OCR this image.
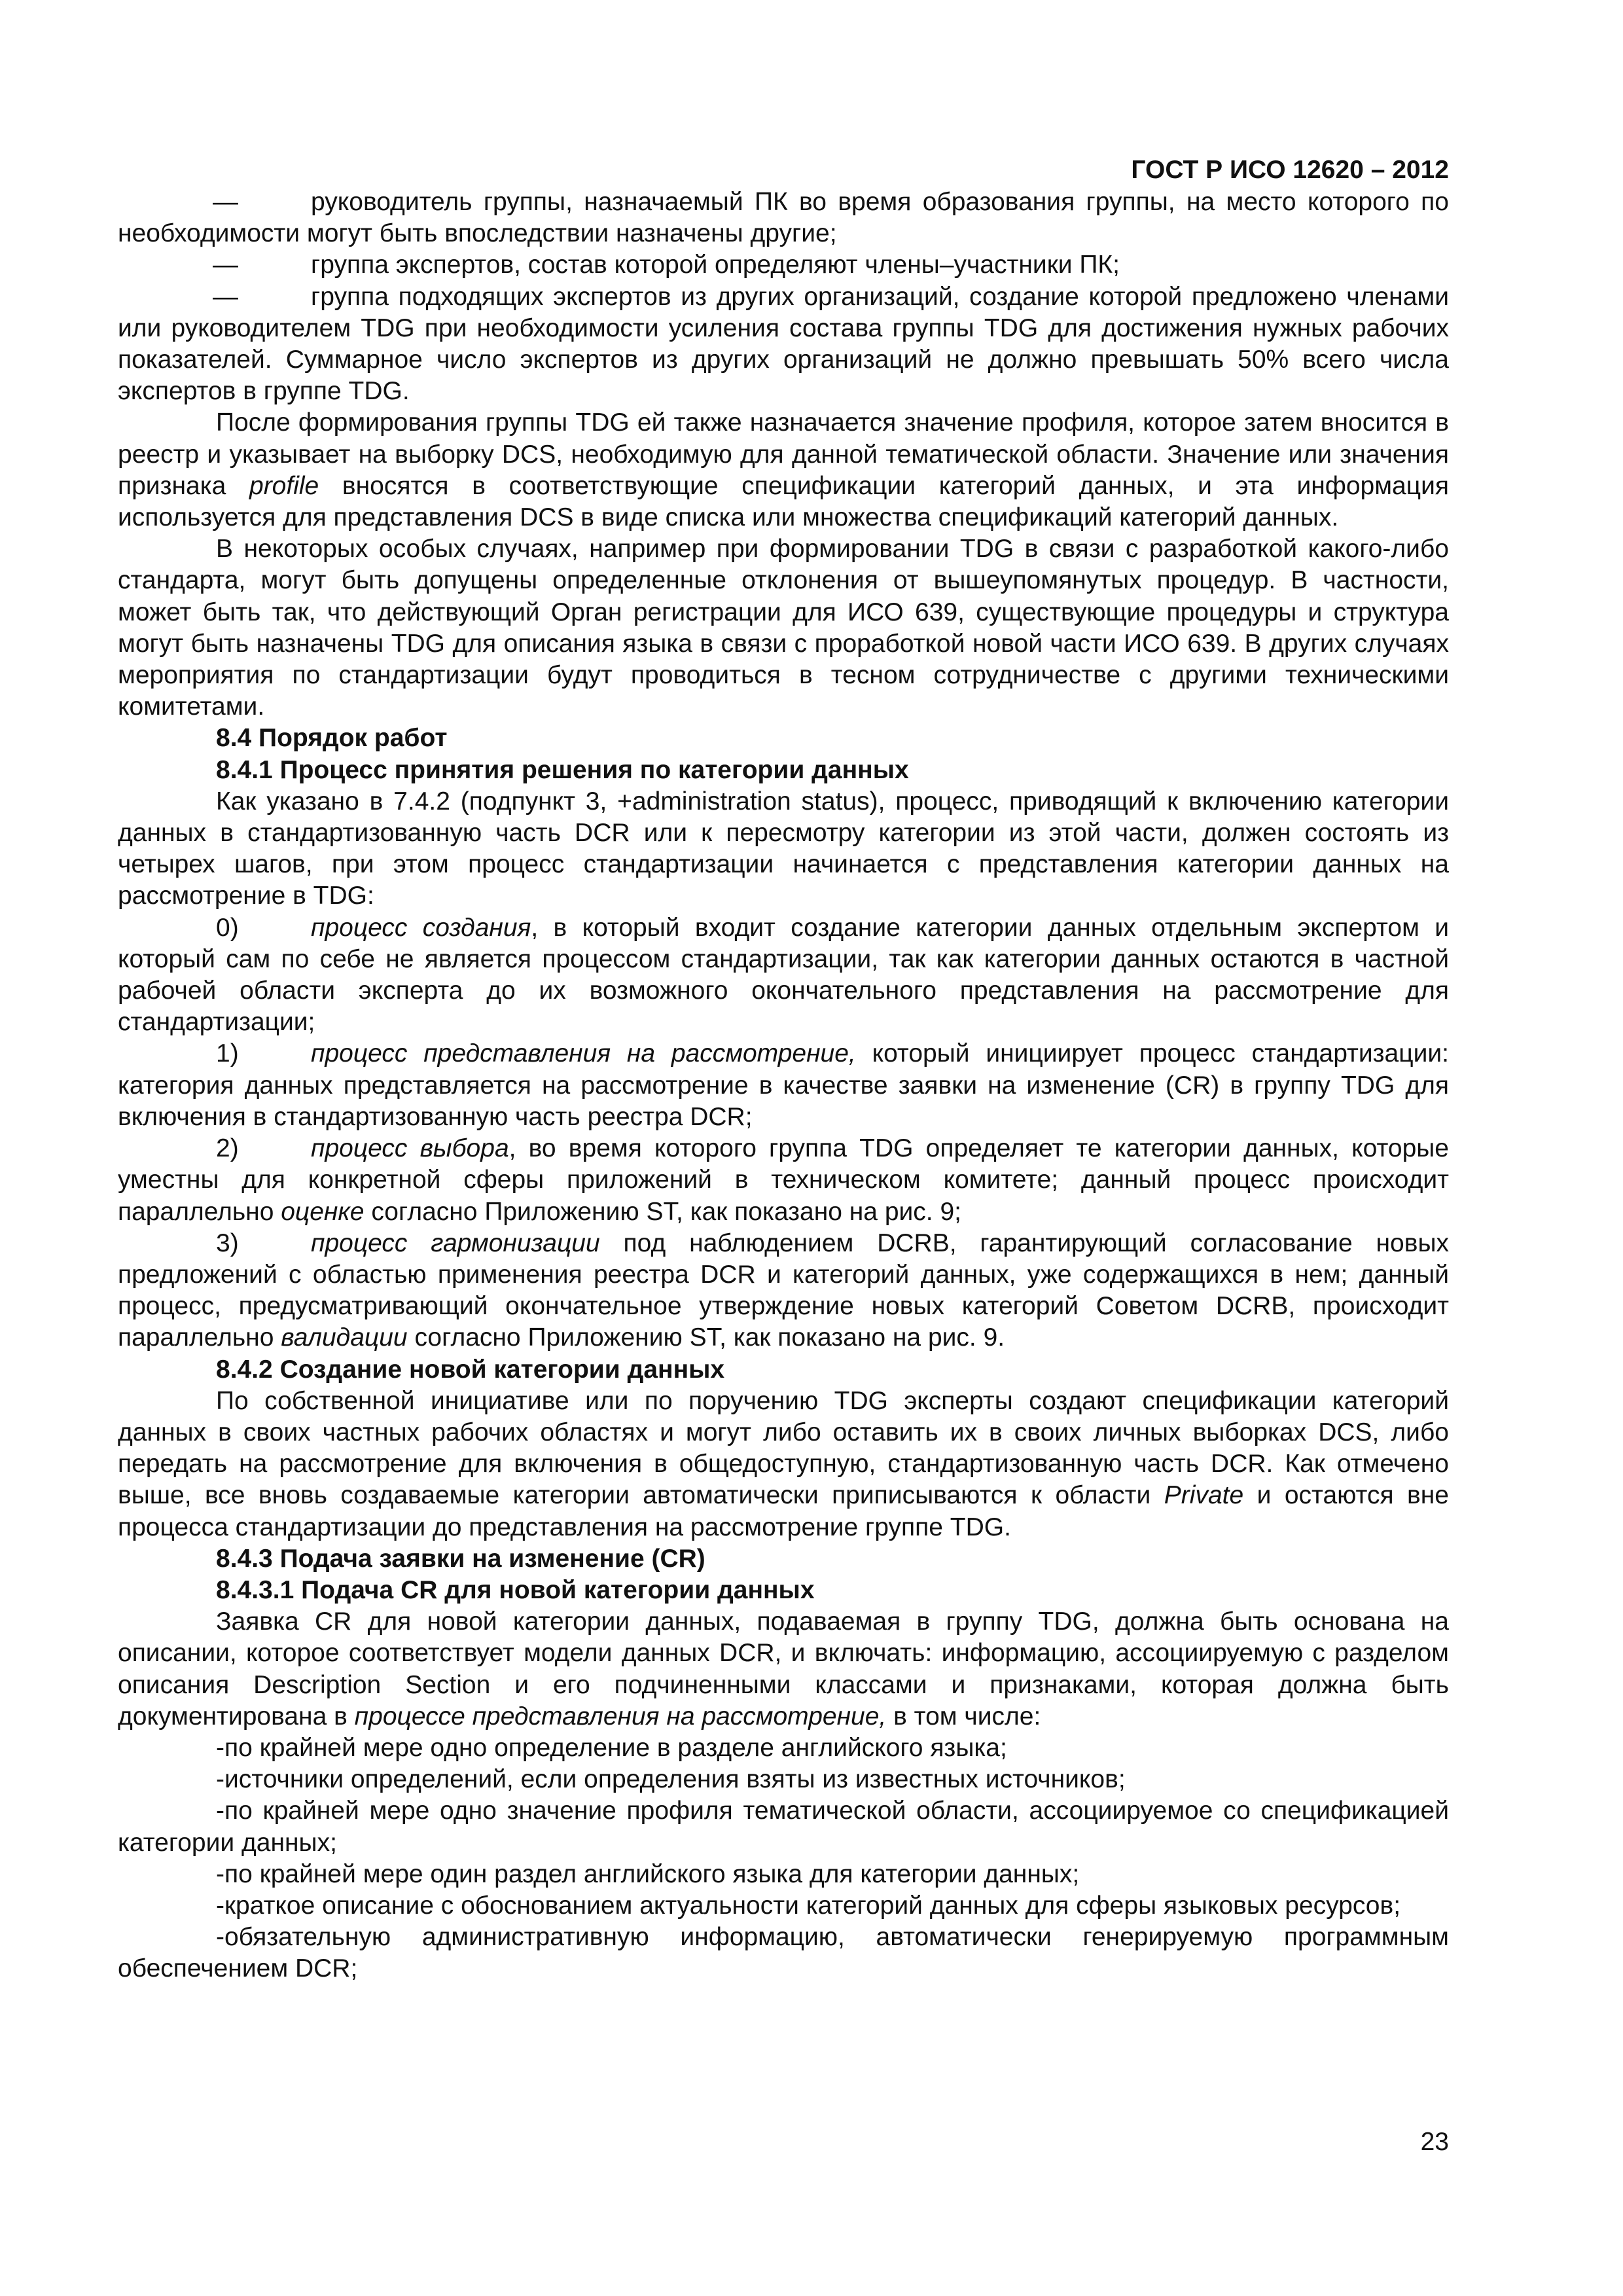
ГОСТ Р ИСО 12620 – 2012

—	руководитель группы, назначаемый ПК во время образования группы, на место которого по необходимости могут быть впоследствии назначены другие;

—	группа экспертов, состав которой определяют члены–участники ПК;

—	группа подходящих экспертов из других организаций, создание которой предложено членами или руководителем TDG при необходимости усиления состава группы TDG для достижения нужных рабочих показателей. Суммарное число экспертов из других организаций не должно превышать 50% всего числа экспертов в группе TDG.

После формирования группы TDG ей также назначается значение профиля, которое затем вносится в реестр и указывает на выборку DCS, необходимую для данной тематической области. Значение или значения признака profile вносятся в соответствующие спецификации категорий данных, и эта информация используется для представления DCS в виде списка или множества спецификаций категорий данных.

В некоторых особых случаях, например при формировании TDG в связи с разработкой какого-либо стандарта, могут быть допущены определенные отклонения от вышеупомянутых процедур. В частности, может быть так, что действующий Орган регистрации для ИСО 639, существующие процедуры и структура могут быть назначены TDG для описания языка в связи с проработкой новой части ИСО 639. В других случаях мероприятия по стандартизации будут проводиться в тесном сотрудничестве с другими техническими комитетами.

8.4 Порядок работ

8.4.1 Процесс принятия решения по категории данных

Как указано в 7.4.2 (подпункт 3, +administration status), процесс, приводящий к включению категории данных в стандартизованную часть DCR или к пересмотру категории из этой части, должен состоять из четырех шагов, при этом процесс стандартизации начинается с представления категории данных на рассмотрение в TDG:

0)	процесс создания, в который входит создание категории данных отдельным экспертом и который сам по себе не является процессом стандартизации, так как категории данных остаются в частной рабочей области эксперта до их возможного окончательного представления на рассмотрение для стандартизации;

1)	процесс представления на рассмотрение, который инициирует процесс стандартизации: категория данных представляется на рассмотрение в качестве заявки на изменение (CR) в группу TDG для включения в стандартизованную часть реестра DCR;

2)	процесс выбора, во время которого группа TDG определяет те категории данных, которые уместны для конкретной сферы приложений в техническом комитете; данный процесс происходит параллельно оценке согласно Приложению ST, как показано на рис. 9;

3)	процесс гармонизации под наблюдением DCRB, гарантирующий согласование новых предложений с областью применения реестра DCR и категорий данных, уже содержащихся в нем; данный процесс, предусматривающий окончательное утверждение новых категорий Советом DCRB, происходит параллельно валидации согласно Приложению ST, как показано на рис. 9.

8.4.2 Создание новой категории данных

По собственной инициативе или по поручению TDG эксперты создают спецификации категорий данных в своих частных рабочих областях и могут либо оставить их в своих личных выборках DCS, либо передать на рассмотрение для включения в общедоступную, стандартизованную часть DCR. Как отмечено выше, все вновь создаваемые категории автоматически приписываются к области Private и остаются вне процесса стандартизации до представления на рассмотрение группе TDG.

8.4.3 Подача заявки на изменение (CR)

8.4.3.1 Подача CR для новой категории данных

Заявка CR для новой категории данных, подаваемая в группу TDG, должна быть основана на описании, которое соответствует модели данных DCR, и включать: информацию, ассоциируемую с разделом описания Description Section и его подчиненными классами и признаками, которая должна быть документирована в процессе представления на рассмотрение, в том числе:

-по крайней мере одно определение в разделе английского языка;

-источники определений, если определения взяты из известных источников;

-по крайней мере одно значение профиля тематической области, ассоциируемое со спецификацией категории данных;

-по крайней мере один раздел английского языка для категории данных;

-краткое описание с обоснованием актуальности категорий данных для сферы языковых ресурсов;

-обязательную административную информацию, автоматически генерируемую программным обеспечением DCR;

23
